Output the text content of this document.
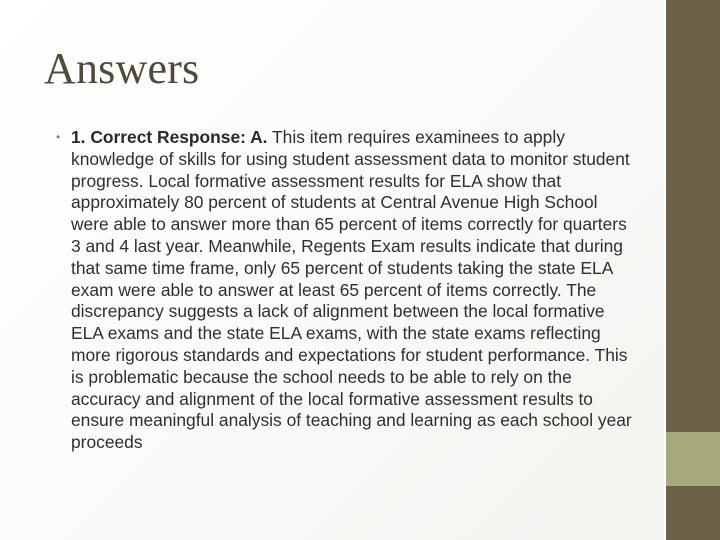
Answers
• 1. Correct Response: A. This item requires examinees to apply knowledge of skills for using student assessment data to monitor student progress. Local formative assessment results for ELA show that approximately 80 percent of students at Central Avenue High School were able to answer more than 65 percent of items correctly for quarters 3 and 4 last year. Meanwhile, Regents Exam results indicate that during that same time frame, only 65 percent of students taking the state ELA exam were able to answer at least 65 percent of items correctly. The discrepancy suggests a lack of alignment between the local formative ELA exams and the state ELA exams, with the state exams reflecting more rigorous standards and expectations for student performance. This is problematic because the school needs to be able to rely on the accuracy and alignment of the local formative assessment results to ensure meaningful analysis of teaching and learning as each school year proceeds
